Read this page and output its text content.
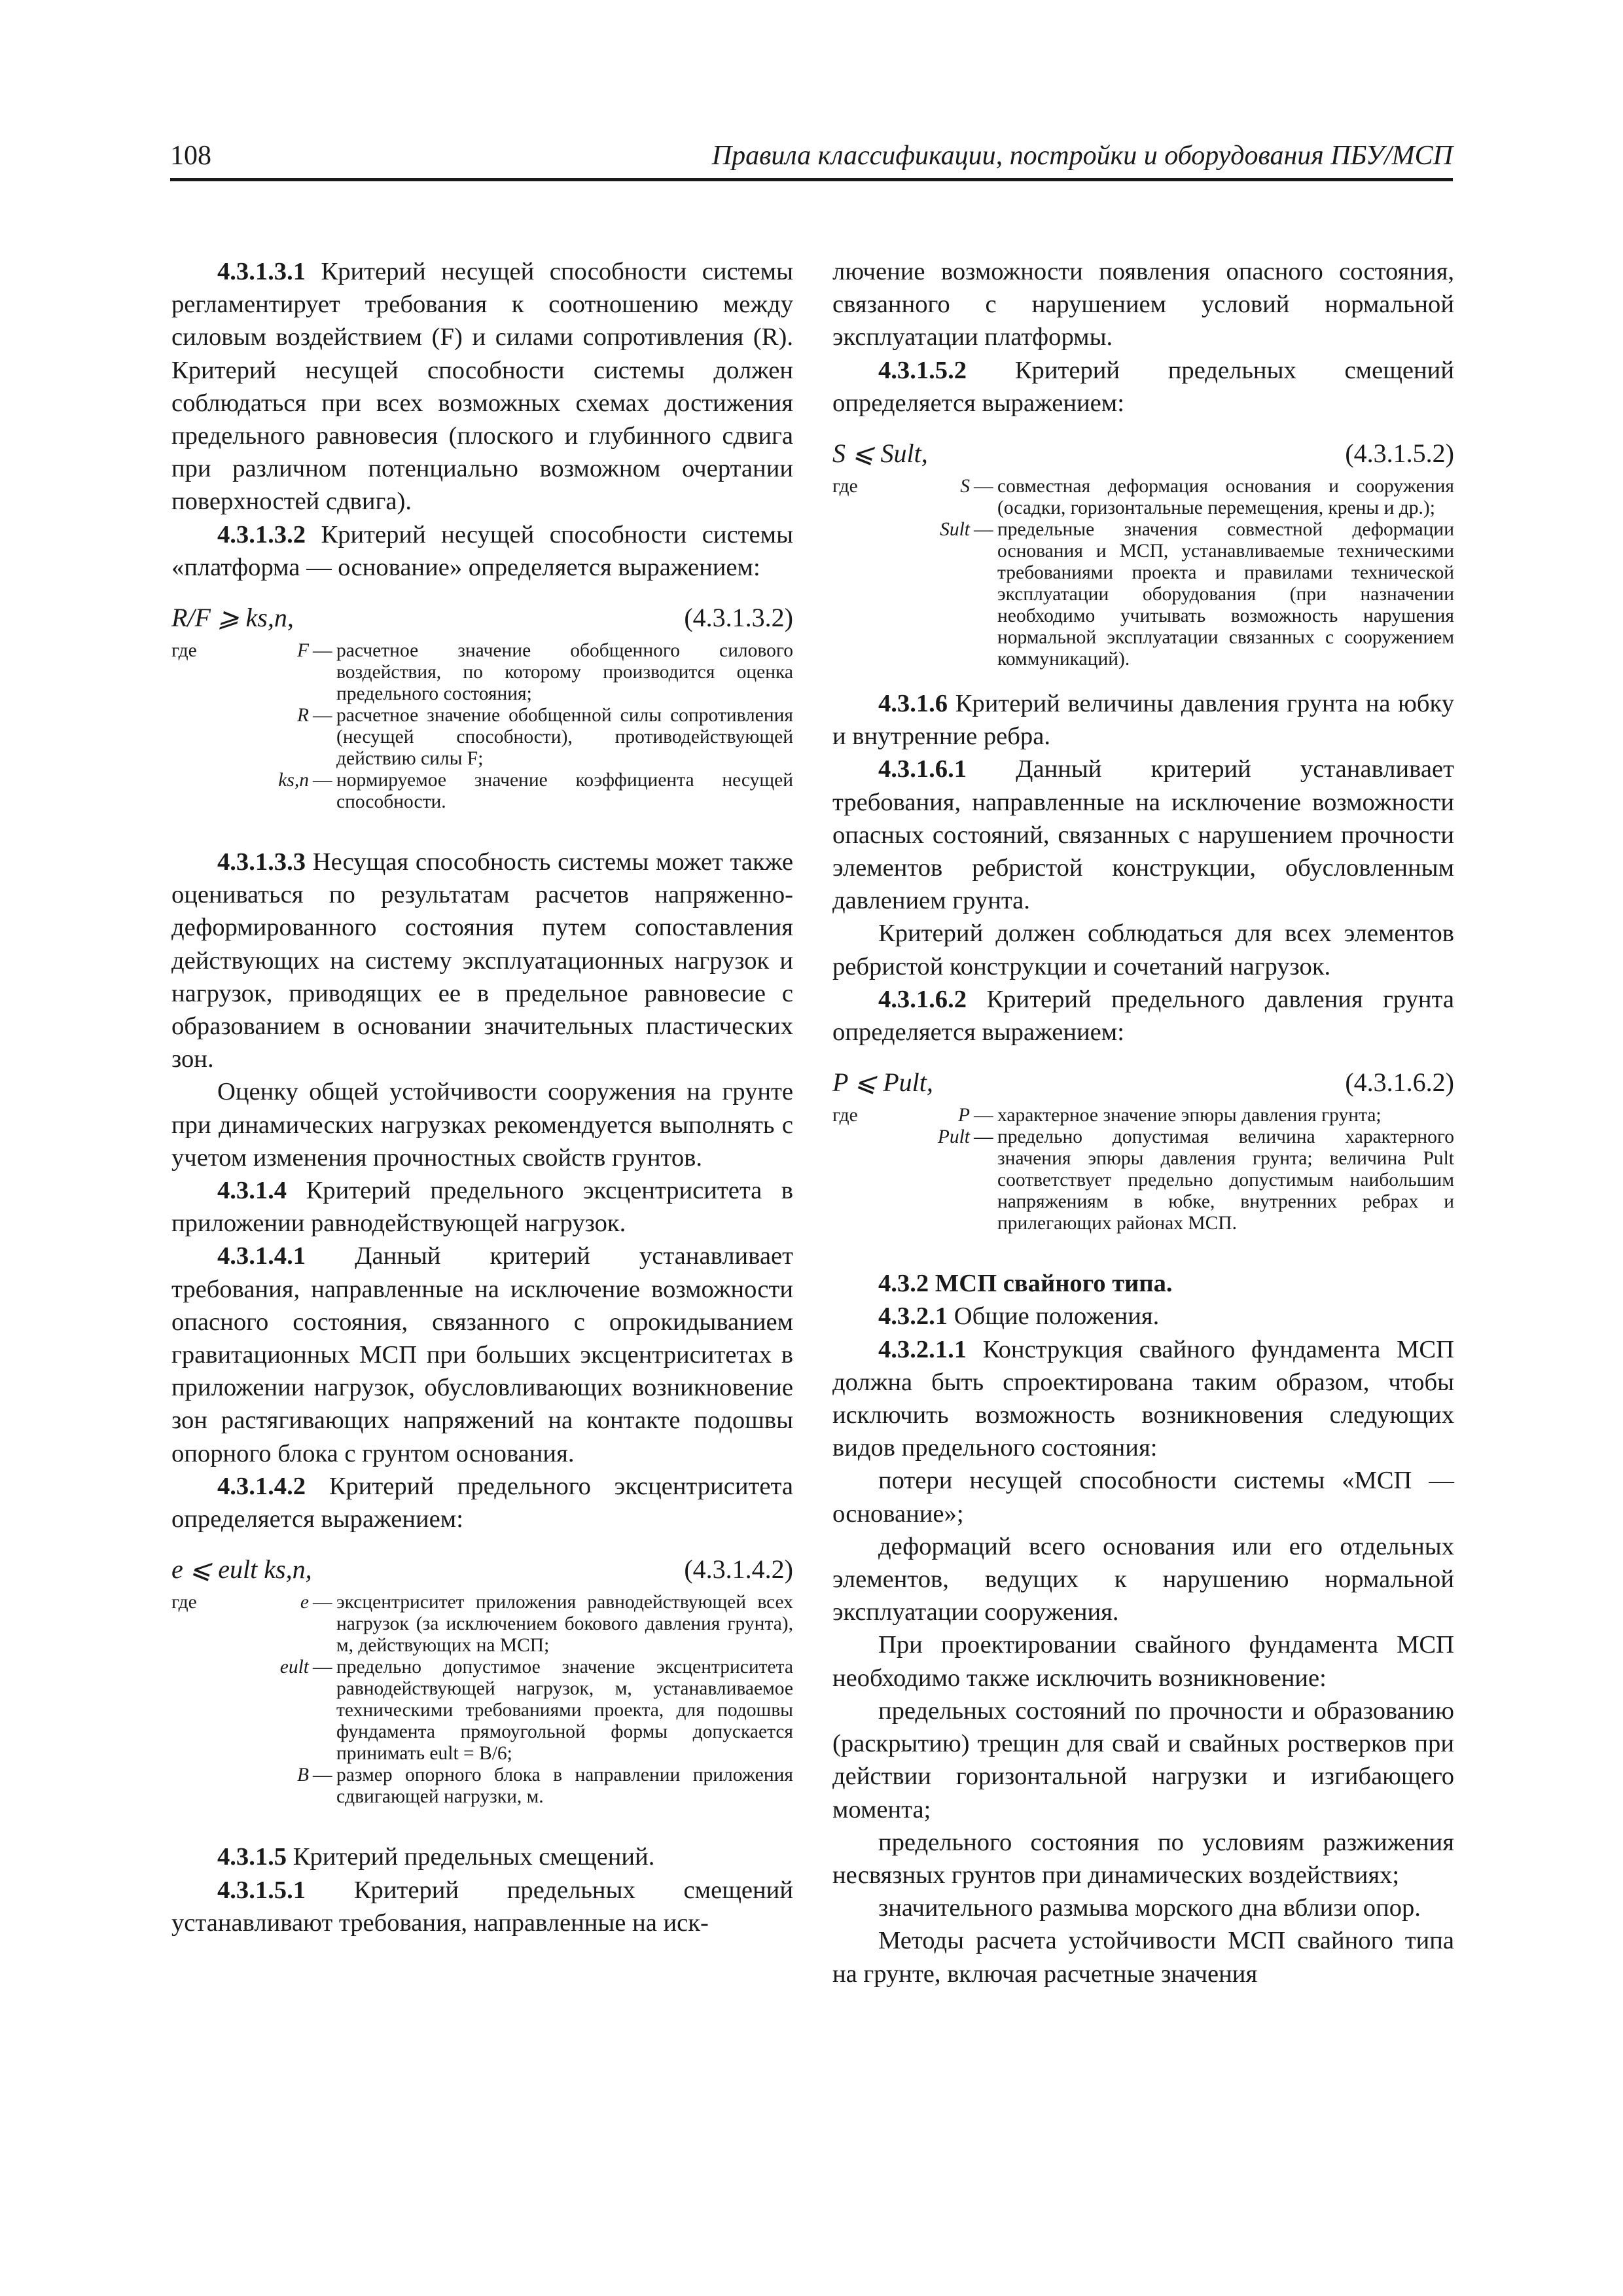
108	Правила классификации, постройки и оборудования ПБУ/МСП

4.3.1.3.1 Критерий несущей способности системы регламентирует требования к соотношению между силовым воздействием (F) и силами сопротивления (R). Критерий несущей способности системы должен соблюдаться при всех возможных схемах достижения предельного равновесия (плоского и глубинного сдвига при различном потенциально возможном очертании поверхностей сдвига).

4.3.1.3.2 Критерий несущей способности системы «платформа — основание» определяется выражением:

R/F ⩾ ks,n,	(4.3.1.3.2)
где	F — расчетное значение обобщенного силового воздействия, по которому производится оценка предельного состояния;
R — расчетное значение обобщенной силы сопротивления (несущей способности), противодействующей действию силы F;
ks,n — нормируемое значение коэффициента несущей способности.

4.3.1.3.3 Несущая способность системы может также оцениваться по результатам расчетов напряженно-деформированного состояния путем сопоставления действующих на систему эксплуатационных нагрузок и нагрузок, приводящих ее в предельное равновесие с образованием в основании значительных пластических зон.

Оценку общей устойчивости сооружения на грунте при динамических нагрузках рекомендуется выполнять с учетом изменения прочностных свойств грунтов.

4.3.1.4 Критерий предельного эксцентриситета в приложении равнодействующей нагрузок.

4.3.1.4.1 Данный критерий устанавливает требования, направленные на исключение возможности опасного состояния, связанного с опрокидыванием гравитационных МСП при больших эксцентриситетах в приложении нагрузок, обусловливающих возникновение зон растягивающих напряжений на контакте подошвы опорного блока с грунтом основания.

4.3.1.4.2 Критерий предельного эксцентриситета определяется выражением:

e ⩽ eult ks,n,	(4.3.1.4.2)
где	e — эксцентриситет приложения равнодействующей всех нагрузок (за исключением бокового давления грунта), м, действующих на МСП;
eult — предельно допустимое значение эксцентриситета равнодействующей нагрузок, м, устанавливаемое техническими требованиями проекта, для подошвы фундамента прямоугольной формы допускается принимать eult = B/6;
B — размер опорного блока в направлении приложения сдвигающей нагрузки, м.

4.3.1.5 Критерий предельных смещений.

4.3.1.5.1 Критерий предельных смещений устанавливают требования, направленные на иск-

лючение возможности появления опасного состояния, связанного с нарушением условий нормальной эксплуатации платформы.

4.3.1.5.2 Критерий предельных смещений определяется выражением:

S ⩽ Sult,	(4.3.1.5.2)
где	S — совместная деформация основания и сооружения (осадки, горизонтальные перемещения, крены и др.);
Sult — предельные значения совместной деформации основания и МСП, устанавливаемые техническими требованиями проекта и правилами технической эксплуатации оборудования (при назначении необходимо учитывать возможность нарушения нормальной эксплуатации связанных с сооружением коммуникаций).

4.3.1.6 Критерий величины давления грунта на юбку и внутренние ребра.

4.3.1.6.1 Данный критерий устанавливает требования, направленные на исключение возможности опасных состояний, связанных с нарушением прочности элементов ребристой конструкции, обусловленным давлением грунта.

Критерий должен соблюдаться для всех элементов ребристой конструкции и сочетаний нагрузок.

4.3.1.6.2 Критерий предельного давления грунта определяется выражением:

P ⩽ Pult,	(4.3.1.6.2)
где	P — характерное значение эпюры давления грунта;
Pult — предельно допустимая величина характерного значения эпюры давления грунта; величина Pult соответствует предельно допустимым наибольшим напряжениям в юбке, внутренних ребрах и прилегающих районах МСП.

4.3.2 МСП свайного типа.

4.3.2.1 Общие положения.

4.3.2.1.1 Конструкция свайного фундамента МСП должна быть спроектирована таким образом, чтобы исключить возможность возникновения следующих видов предельного состояния:

потери несущей способности системы «МСП — основание»;

деформаций всего основания или его отдельных элементов, ведущих к нарушению нормальной эксплуатации сооружения.

При проектировании свайного фундамента МСП необходимо также исключить возникновение:

предельных состояний по прочности и образованию (раскрытию) трещин для свай и свайных ростверков при действии горизонтальной нагрузки и изгибающего момента;

предельного состояния по условиям разжижения несвязных грунтов при динамических воздействиях;

значительного размыва морского дна вблизи опор.

Методы расчета устойчивости МСП свайного типа на грунте, включая расчетные значения
